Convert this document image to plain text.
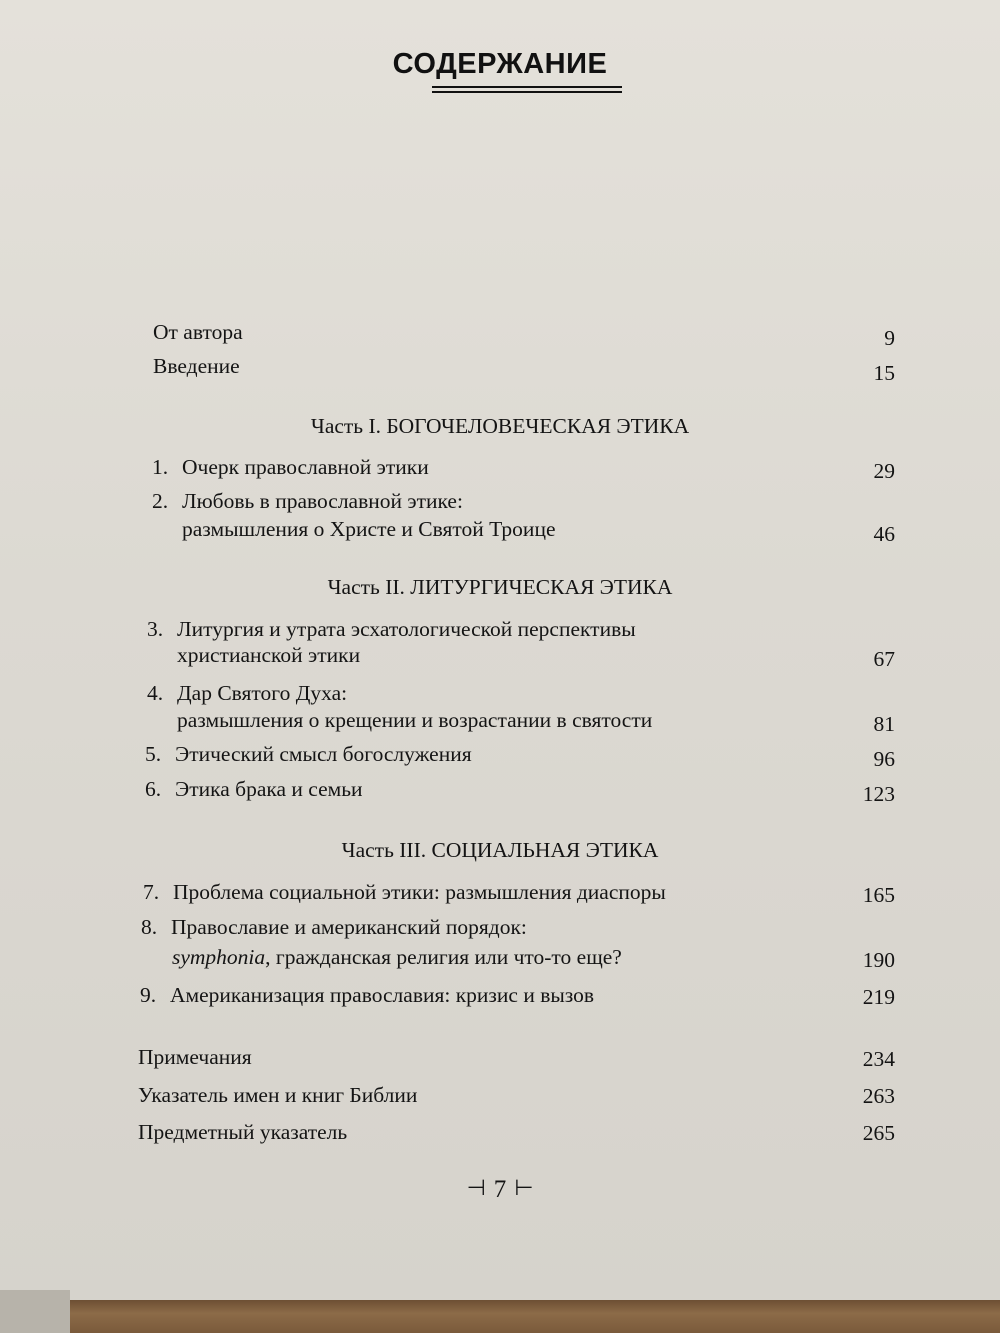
СОДЕРЖАНИЕ
От автора	9
Введение	15
Часть I. БОГОЧЕЛОВЕЧЕСКАЯ ЭТИКА
1. Очерк православной этики	29
2. Любовь в православной этике:
размышления о Христе и Святой Троице	46
Часть II. ЛИТУРГИЧЕСКАЯ ЭТИКА
3. Литургия и утрата эсхатологической перспективы
христианской этики	67
4. Дар Святого Духа:
размышления о крещении и возрастании в святости	81
5. Этический смысл богослужения	96
6. Этика брака и семьи	123
Часть III. СОЦИАЛЬНАЯ ЭТИКА
7. Проблема социальной этики: размышления диаспоры	165
8. Православие и американский порядок:
symphonia, гражданская религия или что-то еще?	190
9. Американизация православия: кризис и вызов	219
Примечания	234
Указатель имен и книг Библии	263
Предметный указатель	265
⊣ 7 ⊢
